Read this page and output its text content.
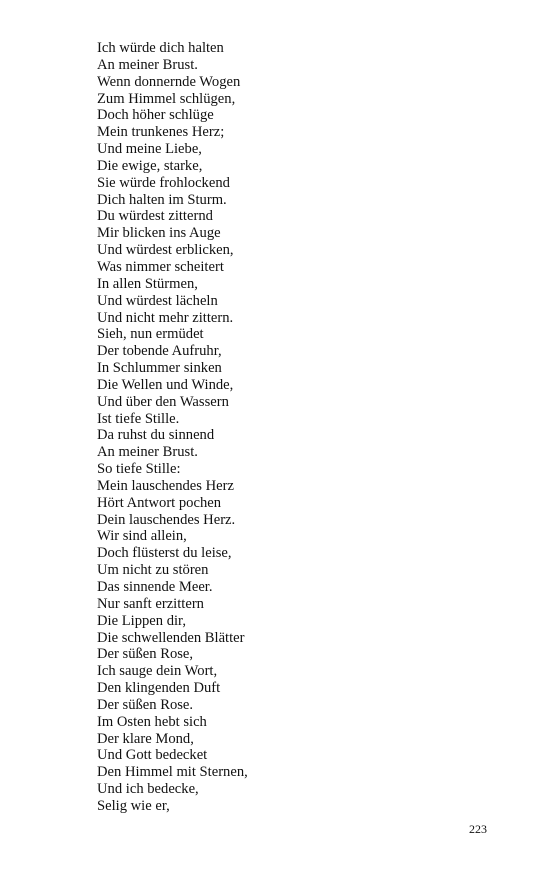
Ich würde dich halten
An meiner Brust.
Wenn donnernde Wogen
Zum Himmel schlügen,
Doch höher schlüge
Mein trunkenes Herz;
Und meine Liebe,
Die ewige, starke,
Sie würde frohlockend
Dich halten im Sturm.
Du würdest zitternd
Mir blicken ins Auge
Und würdest erblicken,
Was nimmer scheitert
In allen Stürmen,
Und würdest lächeln
Und nicht mehr zittern.
Sieh, nun ermüdet
Der tobende Aufruhr,
In Schlummer sinken
Die Wellen und Winde,
Und über den Wassern
Ist tiefe Stille.
Da ruhst du sinnend
An meiner Brust.
So tiefe Stille:
Mein lauschendes Herz
Hört Antwort pochen
Dein lauschendes Herz.
Wir sind allein,
Doch flüsterst du leise,
Um nicht zu stören
Das sinnende Meer.
Nur sanft erzittern
Die Lippen dir,
Die schwellenden Blätter
Der süßen Rose,
Ich sauge dein Wort,
Den klingenden Duft
Der süßen Rose.
Im Osten hebt sich
Der klare Mond,
Und Gott bedecket
Den Himmel mit Sternen,
Und ich bedecke,
Selig wie er,
223
